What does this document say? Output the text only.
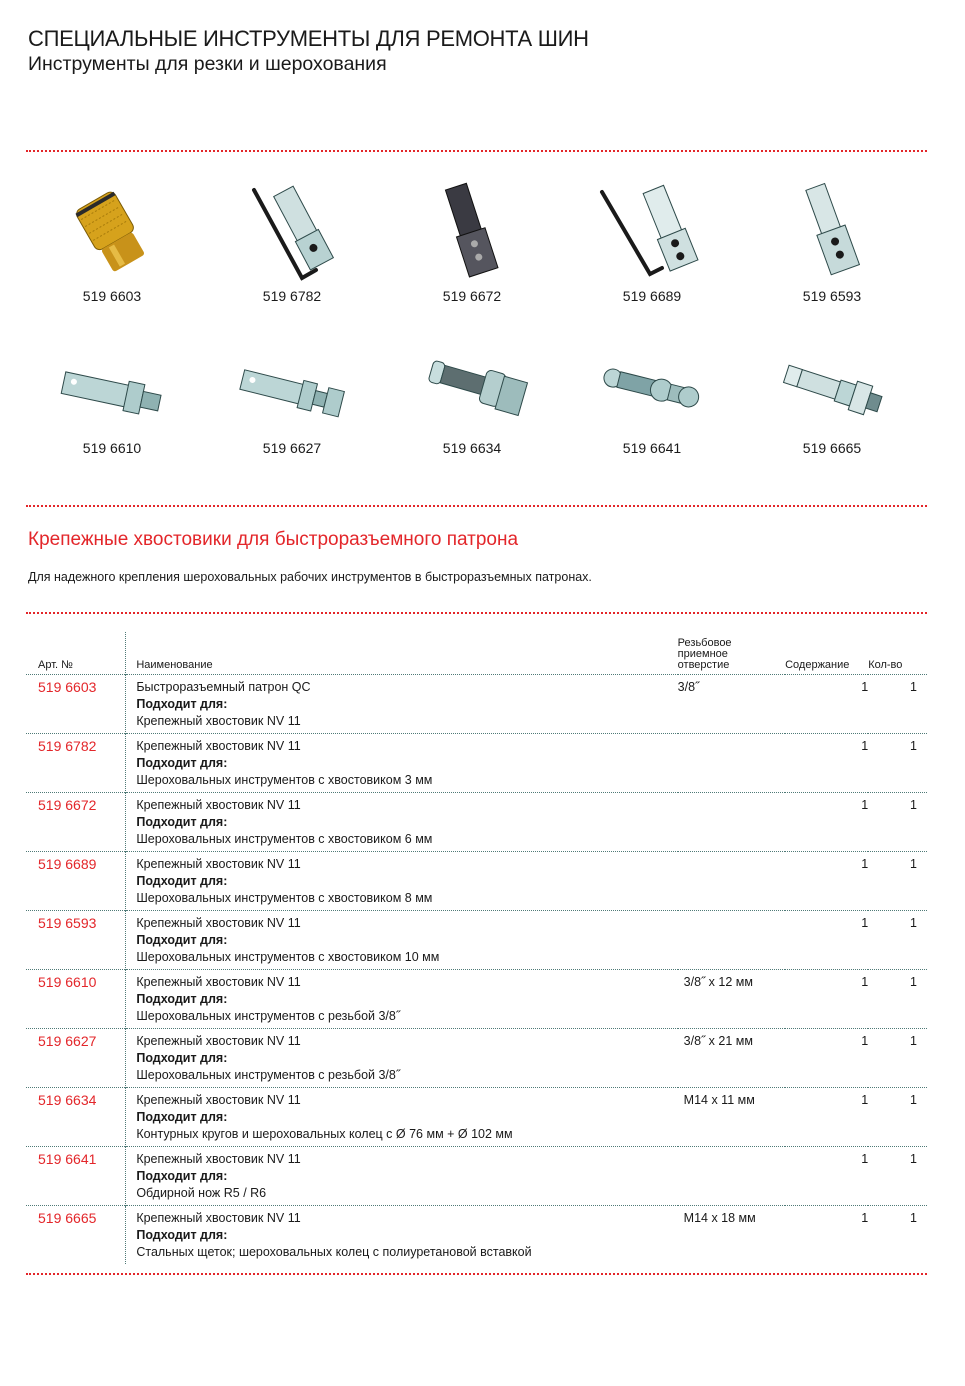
СПЕЦИАЛЬНЫЕ ИНСТРУМЕНТЫ ДЛЯ РЕМОНТА ШИН
Инструменты для резки и шерохования
519 6603	519 6782	519 6672	519 6689	519 6593
519 6610	519 6627	519 6634	519 6641	519 6665
Крепежные хвостовики для быстроразъемного патрона
Для надежного крепления шероховальных рабочих инструментов в быстроразъемных патронах.
Арт. №	Наименование	Резьбовое
приемное
отверстие	Содержание	Кол-во
519 6603	Быстроразъемный патрон QC
Подходит для:
Крепежный хвостовик NV 11	3/8˝	1	1
519 6782	Крепежный хвостовик NV 11
Подходит для:
Шероховальных инструментов с хвостовиком 3 мм		1	1
519 6672	Крепежный хвостовик NV 11
Подходит для:
Шероховальных инструментов с хвостовиком 6 мм		1	1
519 6689	Крепежный хвостовик NV 11
Подходит для:
Шероховальных инструментов с хвостовиком 8 мм		1	1
519 6593	Крепежный хвостовик NV 11
Подходит для:
Шероховальных инструментов с хвостовиком 10 мм		1	1
519 6610	Крепежный хвостовик NV 11
Подходит для:
Шероховальных инструментов с резьбой 3/8˝	3/8˝ x 12 мм	1	1
519 6627	Крепежный хвостовик NV 11
Подходит для:
Шероховальных инструментов с резьбой 3/8˝	3/8˝ x 21 мм	1	1
519 6634	Крепежный хвостовик NV 11
Подходит для:
Контурных кругов и шероховальных колец с Ø 76 мм + Ø 102 мм	M14 x 11 мм	1	1
519 6641	Крепежный хвостовик NV 11
Подходит для:
Обдирной нож R5 / R6		1	1
519 6665	Крепежный хвостовик NV 11
Подходит для:
Стальных щеток; шероховальных колец с полиуретановой вставкой	M14 x 18 мм	1	1
